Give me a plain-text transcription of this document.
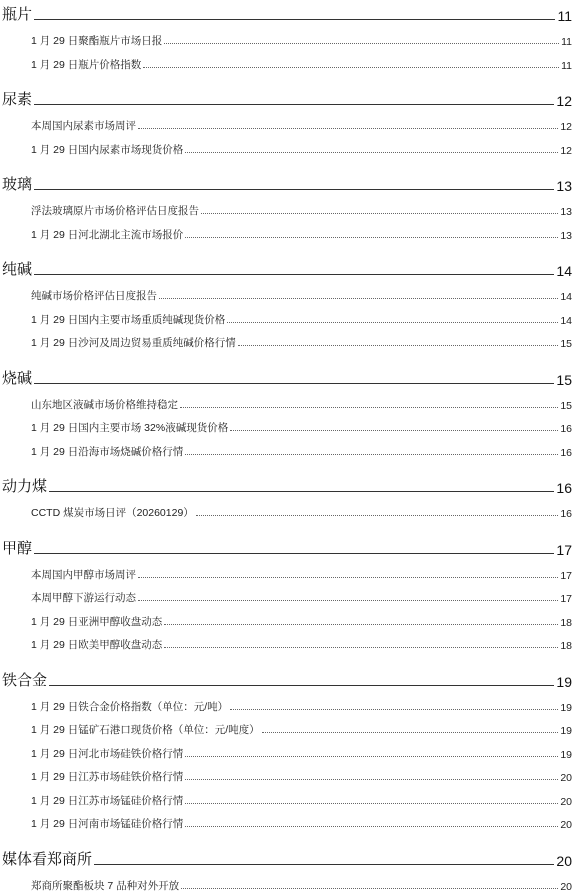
瓶片	11
1 月 29 日聚酯瓶片市场日报	11
1 月 29 日瓶片价格指数	11
尿素	12
本周国内尿素市场周评	12
1 月 29 日国内尿素市场现货价格	12
玻璃	13
浮法玻璃原片市场价格评估日度报告	13
1 月 29 日河北湖北主流市场报价	13
纯碱	14
纯碱市场价格评估日度报告	14
1 月 29 日国内主要市场重质纯碱现货价格	14
1 月 29 日沙河及周边贸易重质纯碱价格行情	15
烧碱	15
山东地区液碱市场价格维持稳定	15
1 月 29 日国内主要市场 32%液碱现货价格	16
1 月 29 日沿海市场烧碱价格行情	16
动力煤	16
CCTD 煤炭市场日评（20260129）	16
甲醇	17
本周国内甲醇市场周评	17
本周甲醇下游运行动态	17
1 月 29 日亚洲甲醇收盘动态	18
1 月 29 日欧美甲醇收盘动态	18
铁合金	19
1 月 29 日铁合金价格指数（单位：元/吨）	19
1 月 29 日锰矿石港口现货价格（单位：元/吨度）	19
1 月 29 日河北市场硅铁价格行情	19
1 月 29 日江苏市场硅铁价格行情	20
1 月 29 日江苏市场锰硅价格行情	20
1 月 29 日河南市场锰硅价格行情	20
媒体看郑商所	20
郑商所聚酯板块 7 品种对外开放	20
